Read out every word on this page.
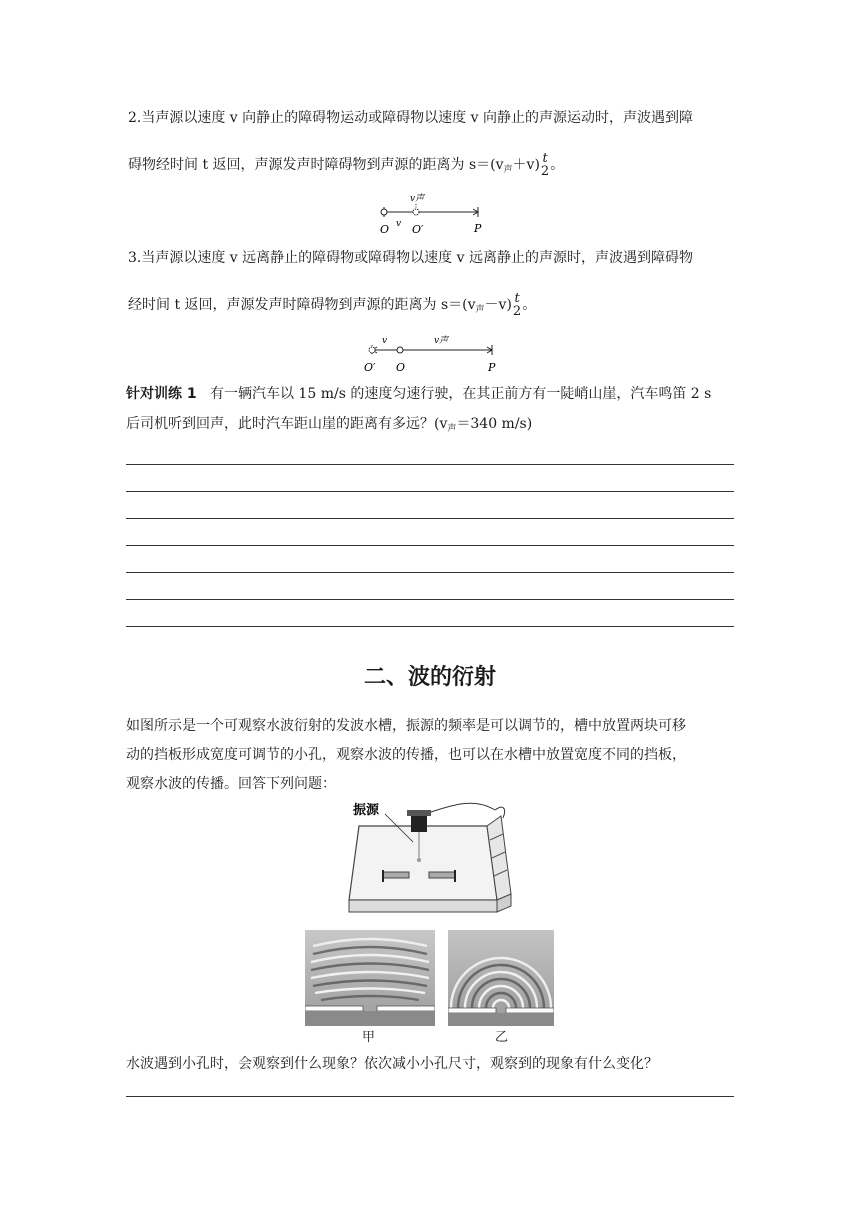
2.当声源以速度 v 向静止的障碍物运动或障碍物以速度 v 向静止的声源运动时，声波遇到障
碍物经时间 t 返回，声源发声时障碍物到声源的距离为 $s=(v_声+v)$ t
2 。
v声
v
O O′	P
3.当声源以速度 v 远离静止的障碍物或障碍物以速度 v 远离静止的声源时，声波遇到障碍物
经时间 t 返回，声源发声时障碍物到声源的距离为 $s=(v_声-v)$ t
2 。
v	v声
O′ O	P
针对训练 1 有一辆汽车以 15 m/s 的速度匀速行驶，在其正前方有一陡峭山崖，汽车鸣笛 2 s
后司机听到回声，此时汽车距山崖的距离有多远？($v_声=340$ m/s)
二、波的衍射
如图所示是一个可观察水波衍射的发波水槽，振源的频率是可以调节的，槽中放置两块可移
动的挡板形成宽度可调节的小孔，观察水波的传播，也可以在水槽中放置宽度不同的挡板，
观察水波的传播。回答下列问题：
振源
甲	乙
水波遇到小孔时，会观察到什么现象？依次减小小孔尺寸，观察到的现象有什么变化？
